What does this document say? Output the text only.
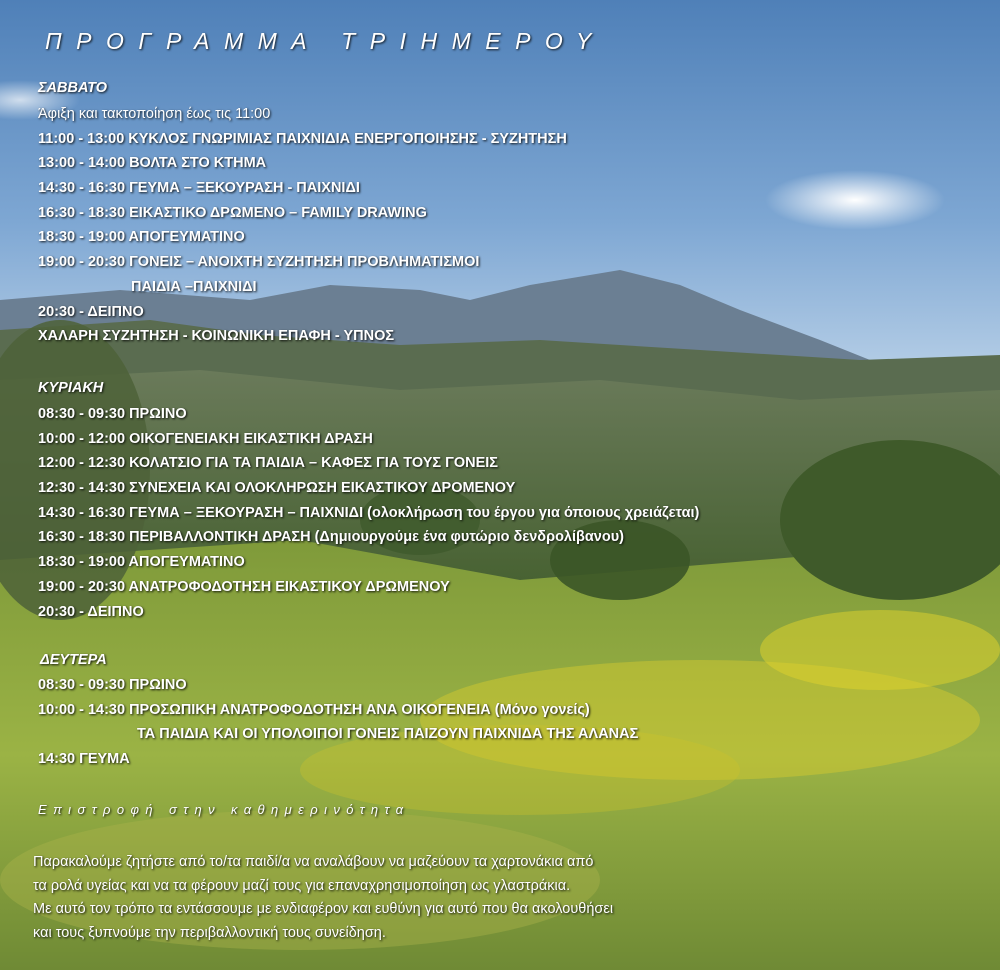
ΠΡΟΓΡΑΜΜΑ ΤΡΙΗΜΕΡΟΥ
ΣΑΒΒΑΤΟ
Άφιξη και τακτοποίηση έως τις 11:00
11:00 - 13:00 ΚΥΚΛΟΣ ΓΝΩΡΙΜΙΑΣ ΠΑΙΧΝΙΔΙΑ ΕΝΕΡΓΟΠΟΙΗΣΗΣ - ΣΥΖΗΤΗΣΗ
13:00 - 14:00 ΒΟΛΤΑ ΣΤΟ ΚΤΗΜΑ
14:30 - 16:30 ΓΕΥΜΑ – ΞΕΚΟΥΡΑΣΗ - ΠΑΙΧΝΙΔΙ
16:30 - 18:30 ΕΙΚΑΣΤΙΚΟ ΔΡΩΜΕΝΟ – FAMILY DRAWING
18:30 - 19:00 ΑΠΟΓΕΥΜΑΤΙΝΟ
19:00 - 20:30 ΓΟΝΕΙΣ – ΑΝΟΙΧΤΗ ΣΥΖΗΤΗΣΗ ΠΡΟΒΛΗΜΑΤΙΣΜΟΙ
ΠΑΙΔΙΑ –ΠΑΙΧΝΙΔΙ
20:30 - ΔΕΙΠΝΟ
ΧΑΛΑΡΗ ΣΥΖΗΤΗΣΗ - ΚΟΙΝΩΝΙΚΗ ΕΠΑΦΗ - ΥΠΝΟΣ
ΚΥΡΙΑΚΗ
08:30 - 09:30 ΠΡΩΙΝΟ
10:00 - 12:00 ΟΙΚΟΓΕΝΕΙΑΚΗ ΕΙΚΑΣΤΙΚΗ ΔΡΑΣΗ
12:00 - 12:30 ΚΟΛΑΤΣΙΟ ΓΙΑ ΤΑ ΠΑΙΔΙΑ – ΚΑΦΕΣ ΓΙΑ ΤΟΥΣ ΓΟΝΕΙΣ
12:30 - 14:30 ΣΥΝΕΧΕΙΑ ΚΑΙ ΟΛΟΚΛΗΡΩΣΗ ΕΙΚΑΣΤΙΚΟΥ ΔΡΟΜΕΝΟΥ
14:30 - 16:30 ΓΕΥΜΑ – ΞΕΚΟΥΡΑΣΗ – ΠΑΙΧΝΙΔΙ (ολοκλήρωση του έργου για όποιους χρειάζεται)
16:30 - 18:30 ΠΕΡΙΒΑΛΛΟΝΤΙΚΗ ΔΡΑΣΗ (Δημιουργούμε ένα φυτώριο δενδρολίβανου)
18:30 - 19:00 ΑΠΟΓΕΥΜΑΤΙΝΟ
19:00 - 20:30 ΑΝΑΤΡΟΦΟΔΟΤΗΣΗ ΕΙΚΑΣΤΙΚΟΥ ΔΡΩΜΕΝΟΥ
20:30 - ΔΕΙΠΝΟ
ΔΕΥΤΕΡΑ
08:30 - 09:30 ΠΡΩΙΝΟ
10:00 - 14:30 ΠΡΟΣΩΠΙΚΗ ΑΝΑΤΡΟΦΟΔΟΤΗΣΗ ΑΝΑ ΟΙΚΟΓΕΝΕΙΑ (Μόνο γονείς)
ΤΑ ΠΑΙΔΙΑ ΚΑΙ ΟΙ ΥΠΟΛΟΙΠΟΙ ΓΟΝΕΙΣ ΠΑΙΖΟΥΝ ΠΑΙΧΝΙΔΑ ΤΗΣ ΑΛΑΝΑΣ
14:30 ΓΕΥΜΑ
Επιστροφή στην καθημερινότητα
Παρακαλούμε ζητήστε από το/τα παιδί/α να αναλάβουν να μαζεύουν τα χαρτονάκια από
τα ρολά υγείας και να τα φέρουν μαζί τους για επαναχρησιμοποίηση ως γλαστράκια.
Με αυτό τον τρόπο τα εντάσσουμε με ενδιαφέρον και ευθύνη για αυτό που θα ακολουθήσει
και τους ξυπνούμε την περιβαλλοντική τους συνείδηση.
